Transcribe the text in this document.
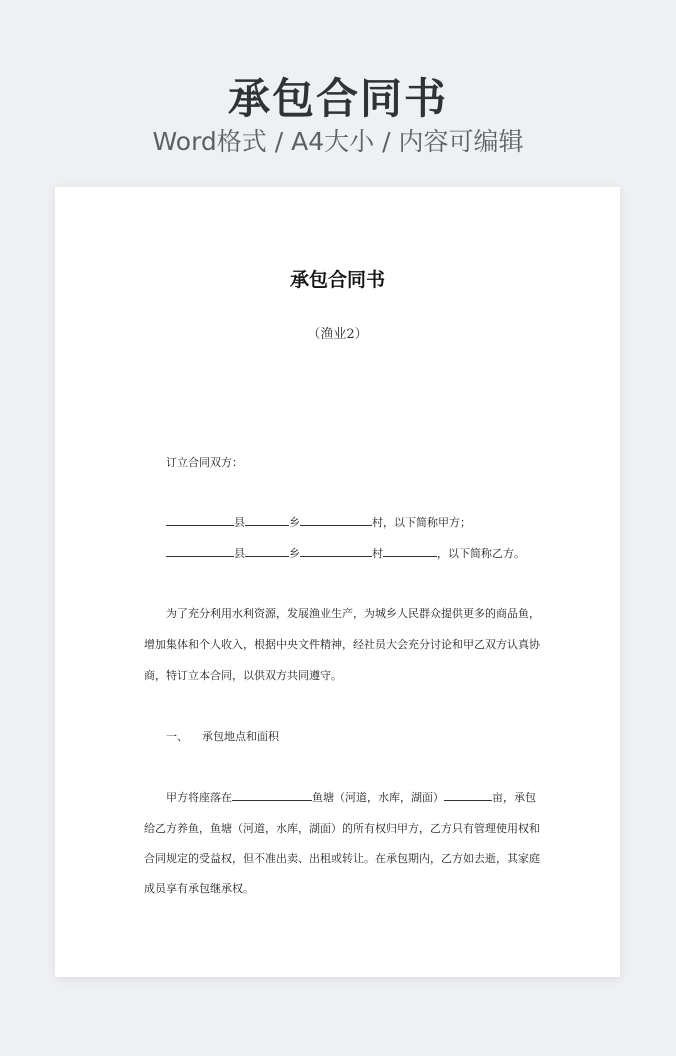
承包合同书
Word格式 / A4大小 / 内容可编辑
承包合同书
（渔业2）
订立合同双方：
县	乡	村，以下简称甲方；
县	乡	村	，以下简称乙方。
为了充分利用水利资源，发展渔业生产，为城乡人民群众提供更多的商品鱼，
增加集体和个人收入，根据中央文件精神，经社员大会充分讨论和甲乙双方认真协
商，特订立本合同，以供双方共同遵守。
一、 承包地点和面积
甲方将座落在	鱼塘（河道，水库，湖面）	亩，承包
给乙方养鱼，鱼塘（河道，水库，湖面）的所有权归甲方，乙方只有管理使用权和
合同规定的受益权，但不准出卖、出租或转让。在承包期内，乙方如去逝，其家庭
成员享有承包继承权。
